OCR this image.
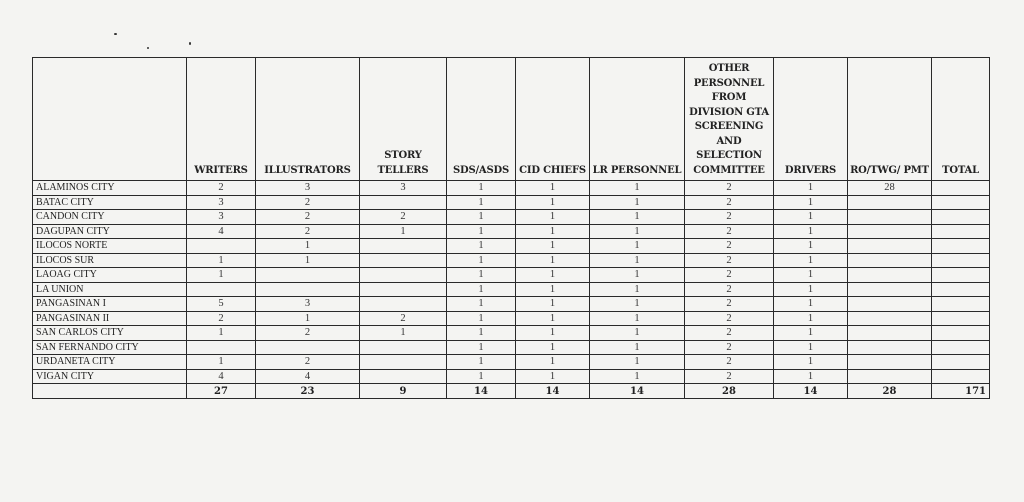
	WRITERS	ILLUSTRATORS	STORY TELLERS	SDS/ASDS	CID CHIEFS	LR PERSONNEL	OTHER PERSONNEL FROM DIVISION GTA SCREENING AND SELECTION COMMITTEE	DRIVERS	RO/TWG/ PMT	TOTAL
ALAMINOS CITY	2	3	3	1	1	1	2	1	28	
BATAC CITY	3	2		1	1	1	2	1		
CANDON CITY	3	2	2	1	1	1	2	1		
DAGUPAN CITY	4	2	1	1	1	1	2	1		
ILOCOS NORTE		1		1	1	1	2	1		
ILOCOS SUR	1	1		1	1	1	2	1		
LAOAG CITY	1			1	1	1	2	1		
LA UNION				1	1	1	2	1		
PANGASINAN I	5	3		1	1	1	2	1		
PANGASINAN II	2	1	2	1	1	1	2	1		
SAN CARLOS CITY	1	2	1	1	1	1	2	1		
SAN FERNANDO CITY				1	1	1	2	1		
URDANETA CITY	1	2		1	1	1	2	1		
VIGAN CITY	4	4		1	1	1	2	1		
	27	23	9	14	14	14	28	14	28	171
